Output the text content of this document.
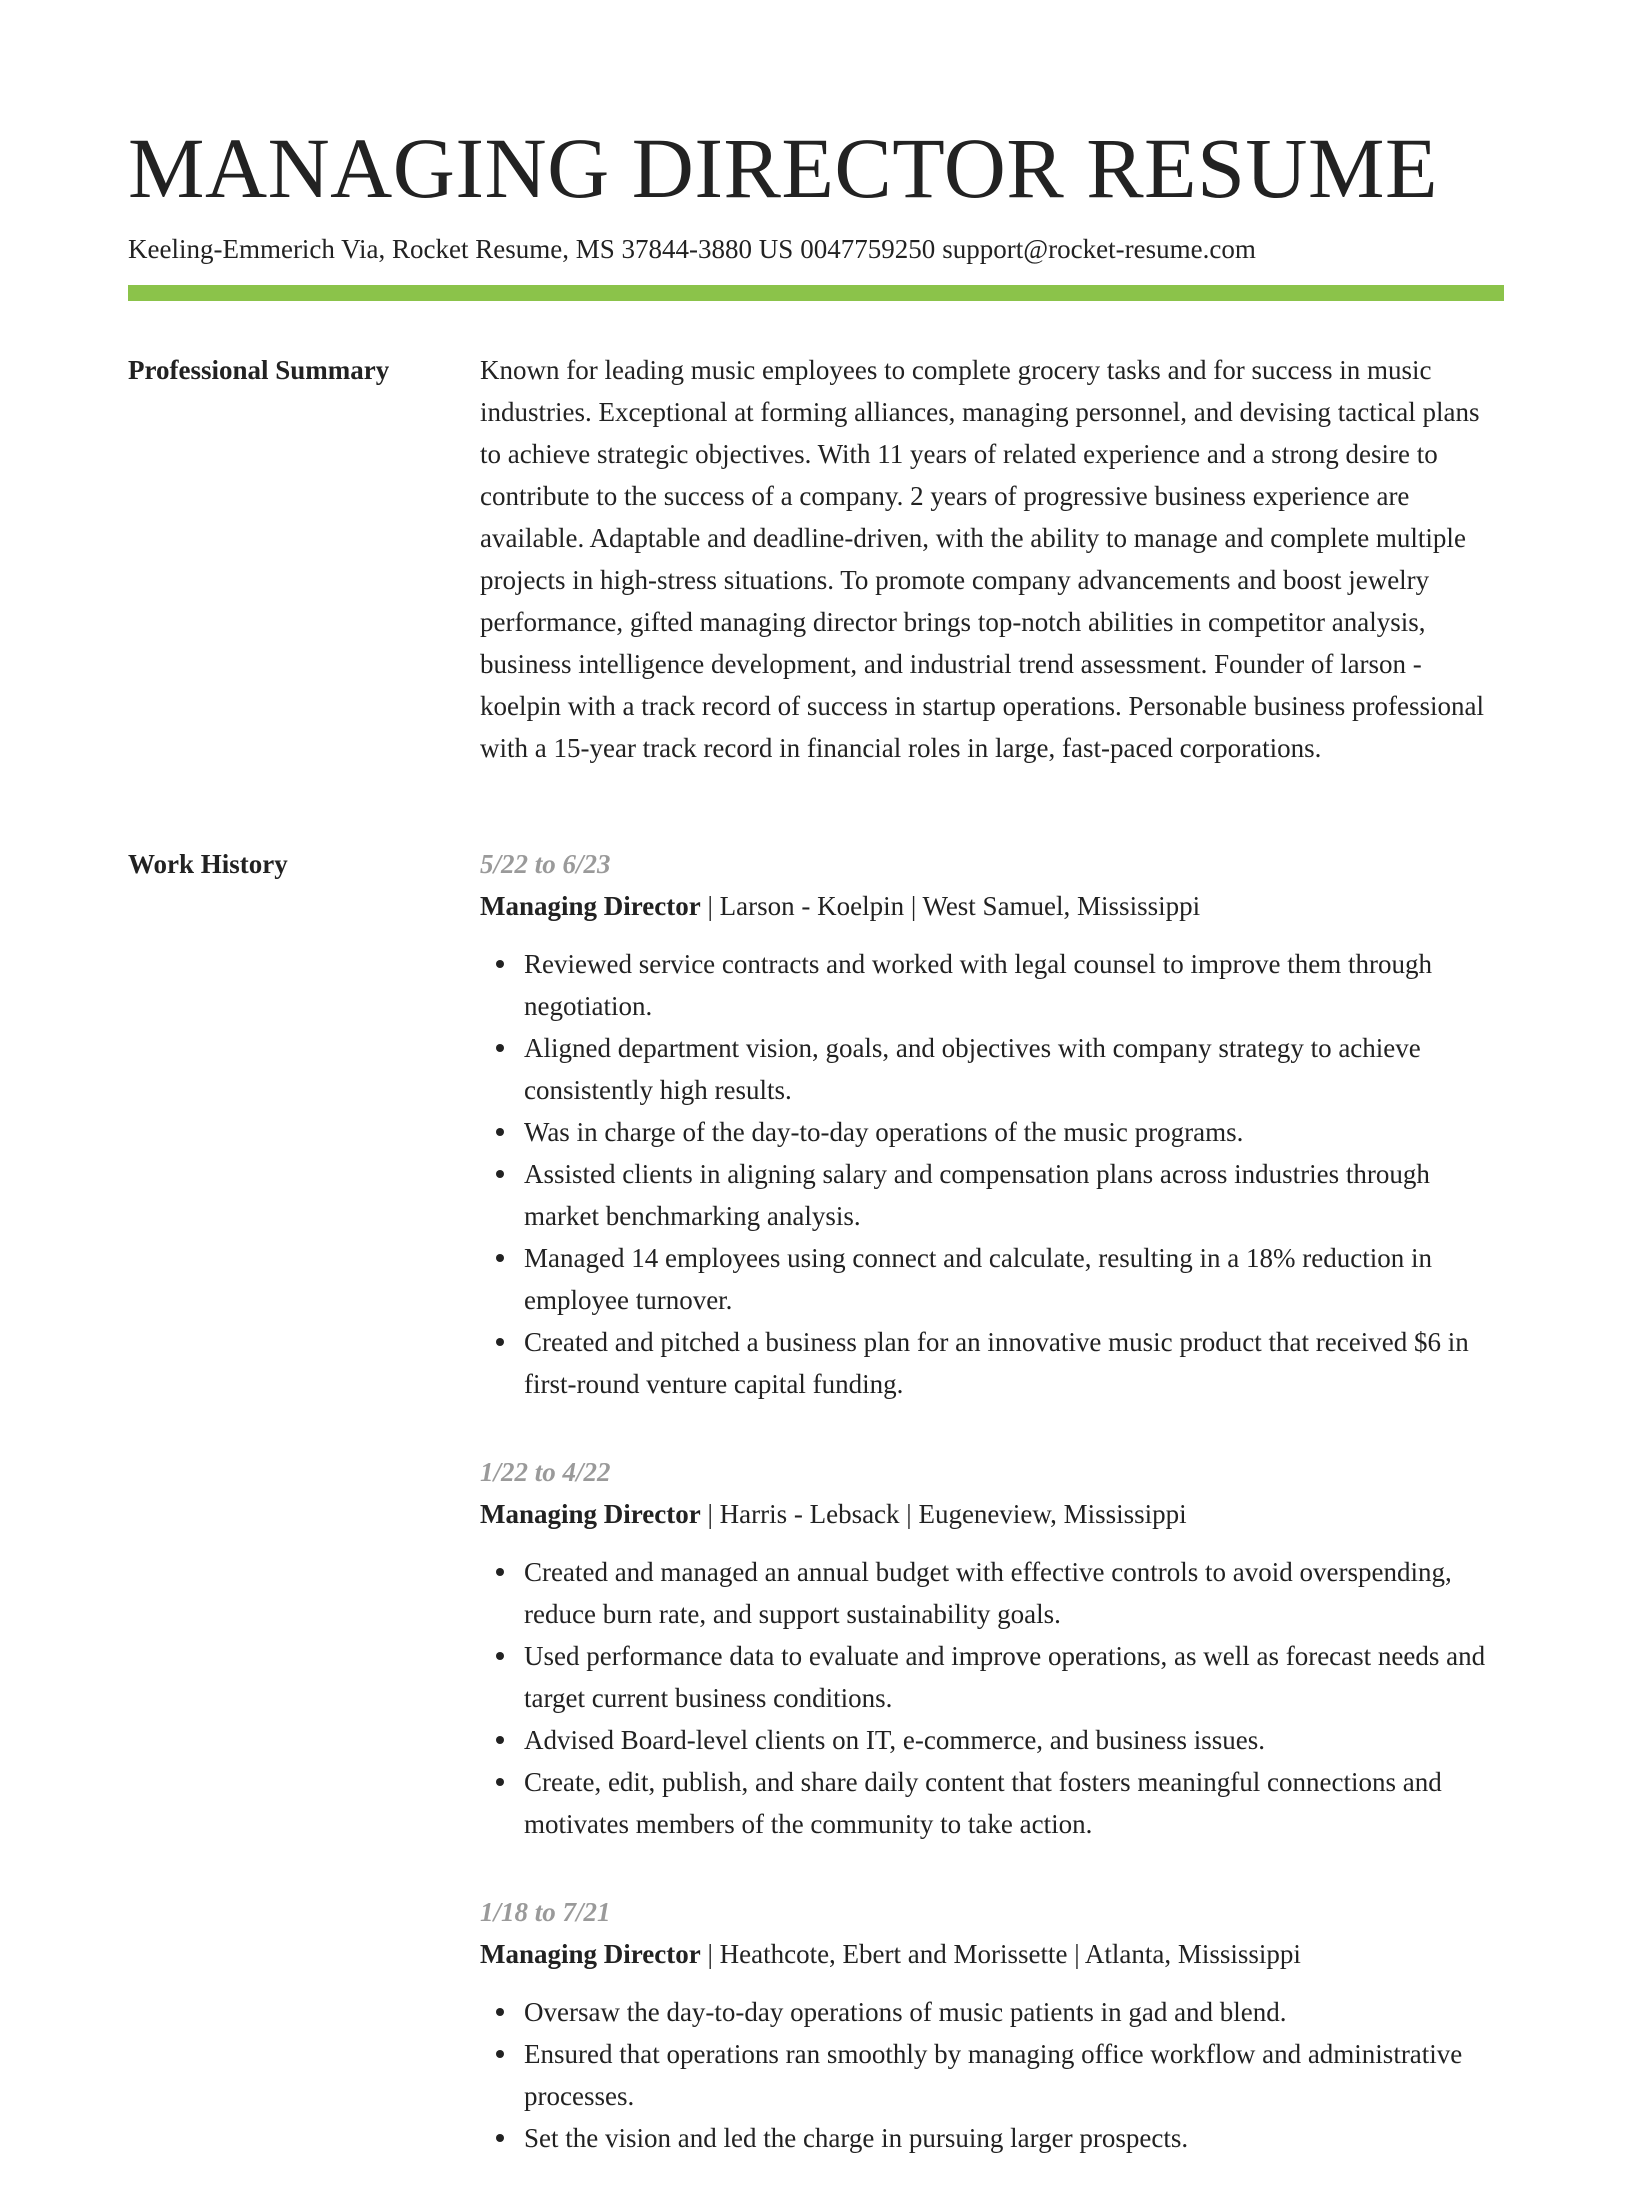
MANAGING DIRECTOR RESUME
Keeling-Emmerich Via, Rocket Resume, MS 37844-3880 US 0047759250 support@rocket-resume.com
Professional Summary	Known for leading music employees to complete grocery tasks and for success in music industries. Exceptional at forming alliances, managing personnel, and devising tactical plans to achieve strategic objectives. With 11 years of related experience and a strong desire to contribute to the success of a company. 2 years of progressive business experience are available. Adaptable and deadline-driven, with the ability to manage and complete multiple projects in high-stress situations. To promote company advancements and boost jewelry performance, gifted managing director brings top-notch abilities in competitor analysis, business intelligence development, and industrial trend assessment. Founder of larson - koelpin with a track record of success in startup operations. Personable business professional with a 15-year track record in financial roles in large, fast-paced corporations.

Work History	5/22 to 6/23
Managing Director | Larson - Koelpin | West Samuel, Mississippi
Reviewed service contracts and worked with legal counsel to improve them through negotiation.
Aligned department vision, goals, and objectives with company strategy to achieve consistently high results.
Was in charge of the day-to-day operations of the music programs.
Assisted clients in aligning salary and compensation plans across industries through market benchmarking analysis.
Managed 14 employees using connect and calculate, resulting in a 18% reduction in employee turnover.
Created and pitched a business plan for an innovative music product that received $6 in first-round venture capital funding.
1/22 to 4/22
Managing Director | Harris - Lebsack | Eugeneview, Mississippi
Created and managed an annual budget with effective controls to avoid overspending, reduce burn rate, and support sustainability goals.
Used performance data to evaluate and improve operations, as well as forecast needs and target current business conditions.
Advised Board-level clients on IT, e-commerce, and business issues.
Create, edit, publish, and share daily content that fosters meaningful connections and motivates members of the community to take action.
1/18 to 7/21
Managing Director | Heathcote, Ebert and Morissette | Atlanta, Mississippi
Oversaw the day-to-day operations of music patients in gad and blend.
Ensured that operations ran smoothly by managing office workflow and administrative processes.
Set the vision and led the charge in pursuing larger prospects.
